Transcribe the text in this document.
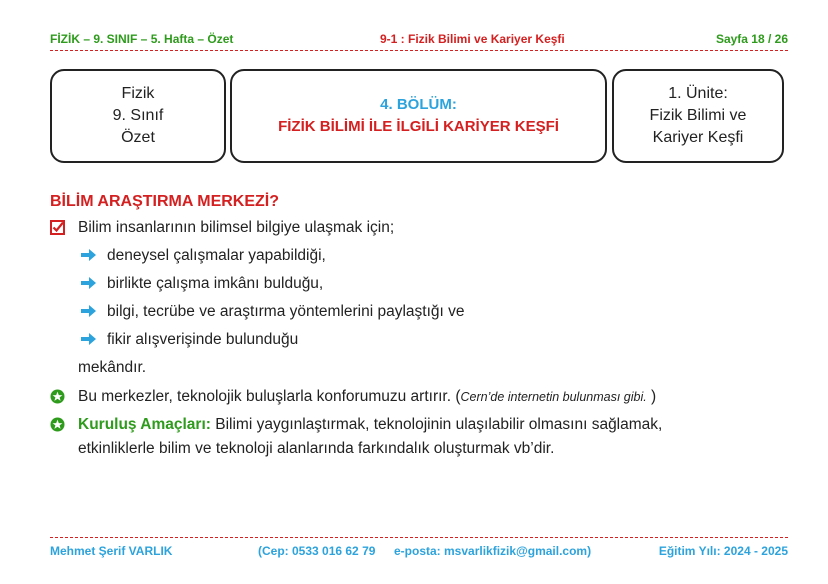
FİZİK – 9. SINIF – 5. Hafta – Özet	9-1 : Fizik Bilimi ve Kariyer Keşfi	Sayfa 18 / 26
Fizik
9. Sınıf
Özet
4. BÖLÜM:
FİZİK BİLİMİ İLE İLGİLİ KARİYER KEŞFİ
1. Ünite:
Fizik Bilimi ve
Kariyer Keşfi
BİLİM ARAŞTIRMA MERKEZİ?
Bilim insanlarının bilimsel bilgiye ulaşmak için;
deneysel çalışmalar yapabildiği,
birlikte çalışma imkânı bulduğu,
bilgi, tecrübe ve araştırma yöntemlerini paylaştığı ve
fikir alışverişinde bulunduğu
mekândır.
Bu merkezler, teknolojik buluşlarla konforumuzu artırır. (Cern’de internetin bulunması gibi. )
Kuruluş Amaçları: Bilimi yaygınlaştırmak, teknolojinin ulaşılabilir olmasını sağlamak,
etkinliklerle bilim ve teknoloji alanlarında farkındalık oluşturmak vb’dir.
Mehmet Şerif VARLIK	(Cep: 0533 016 62 79 e-posta: msvarlikfizik@gmail.com)	Eğitim Yılı: 2024 - 2025
